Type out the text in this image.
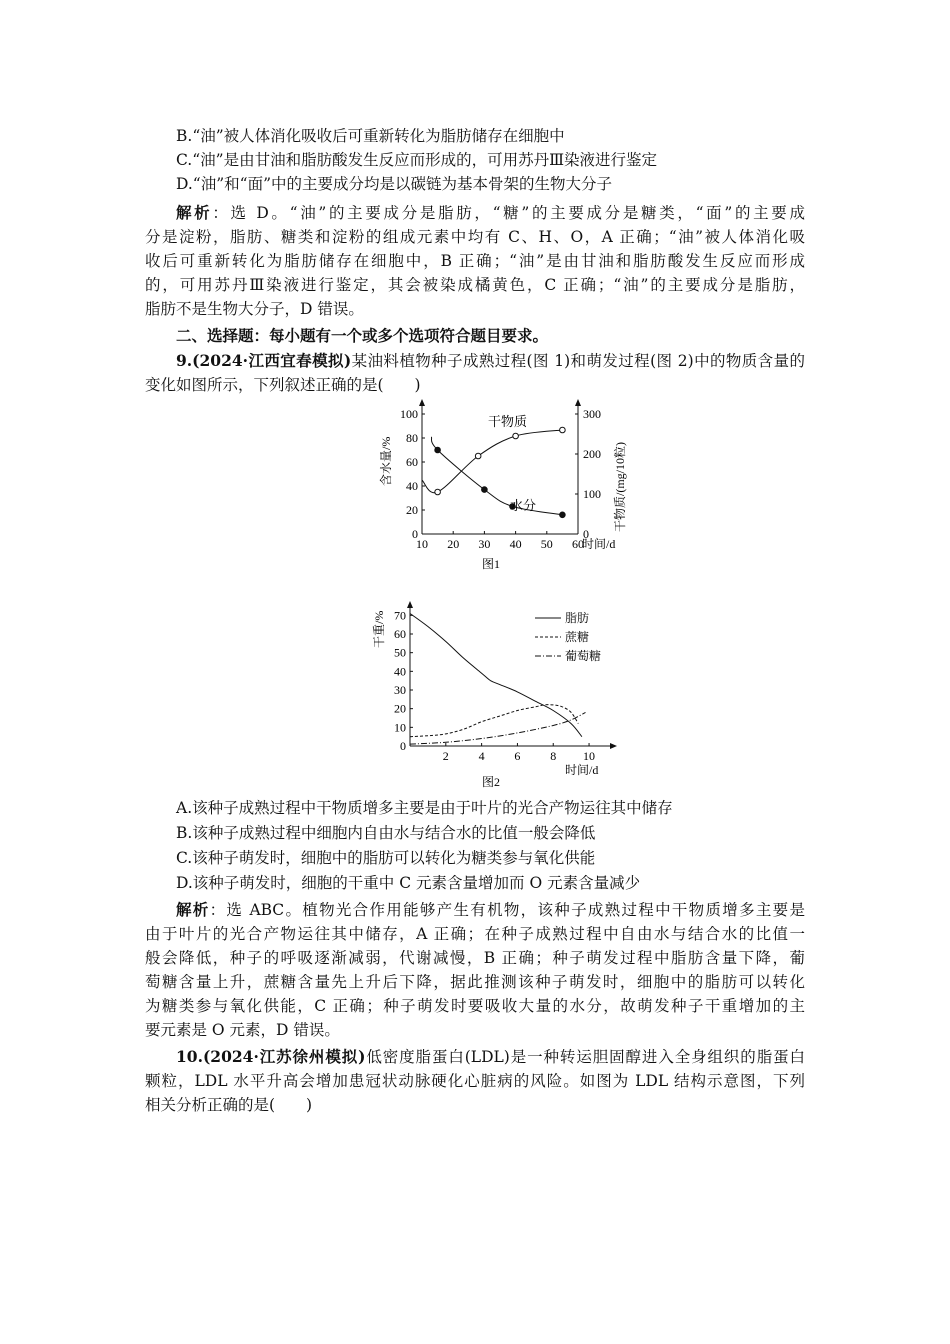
B.“油”被人体消化吸收后可重新转化为脂肪储存在细胞中
C.“油”是由甘油和脂肪酸发生反应而形成的，可用苏丹Ⅲ染液进行鉴定
D.“油”和“面”中的主要成分均是以碳链为基本骨架的生物大分子
解析：选 D。“油”的主要成分是脂肪，“糖”的主要成分是糖类，“面”的主要成
分是淀粉，脂肪、糖类和淀粉的组成元素中均有 C、H、O，A 正确；“油”被人体消化吸
收后可重新转化为脂肪储存在细胞中，B 正确；“油”是由甘油和脂肪酸发生反应而形成
的，可用苏丹Ⅲ染液进行鉴定，其会被染成橘黄色，C 正确；“油”的主要成分是脂肪，
脂肪不是生物大分子，D 错误。
二、选择题：每小题有一个或多个选项符合题目要求。
9.(2024·江西宜春模拟)某油料植物种子成熟过程(图 1)和萌发过程(图 2)中的物质含量的
变化如图所示，下列叙述正确的是(　　)
10 20 30 40 50 60
0
20
40
60
80
100
0
100
200
300
时间/d
含水量/%	干物质/(mg/10粒)
干物质
水分
图1
2 4 6 8 10
0
10
20
30
40
50
60
70	脂肪
蔗糖
葡萄糖
时间/d
干重/%
图2
A.该种子成熟过程中干物质增多主要是由于叶片的光合产物运往其中储存
B.该种子成熟过程中细胞内自由水与结合水的比值一般会降低
C.该种子萌发时，细胞中的脂肪可以转化为糖类参与氧化供能
D.该种子萌发时，细胞的干重中 C 元素含量增加而 O 元素含量减少
解析：选 ABC。植物光合作用能够产生有机物，该种子成熟过程中干物质增多主要是
由于叶片的光合产物运往其中储存，A 正确；在种子成熟过程中自由水与结合水的比值一
般会降低，种子的呼吸逐渐减弱，代谢减慢，B 正确；种子萌发过程中脂肪含量下降，葡
萄糖含量上升，蔗糖含量先上升后下降，据此推测该种子萌发时，细胞中的脂肪可以转化
为糖类参与氧化供能，C 正确；种子萌发时要吸收大量的水分，故萌发种子干重增加的主
要元素是 O 元素，D 错误。
10.(2024·江苏徐州模拟)低密度脂蛋白(LDL)是一种转运胆固醇进入全身组织的脂蛋白
颗粒，LDL 水平升高会增加患冠状动脉硬化心脏病的风险。如图为 LDL 结构示意图，下列
相关分析正确的是(　　)
